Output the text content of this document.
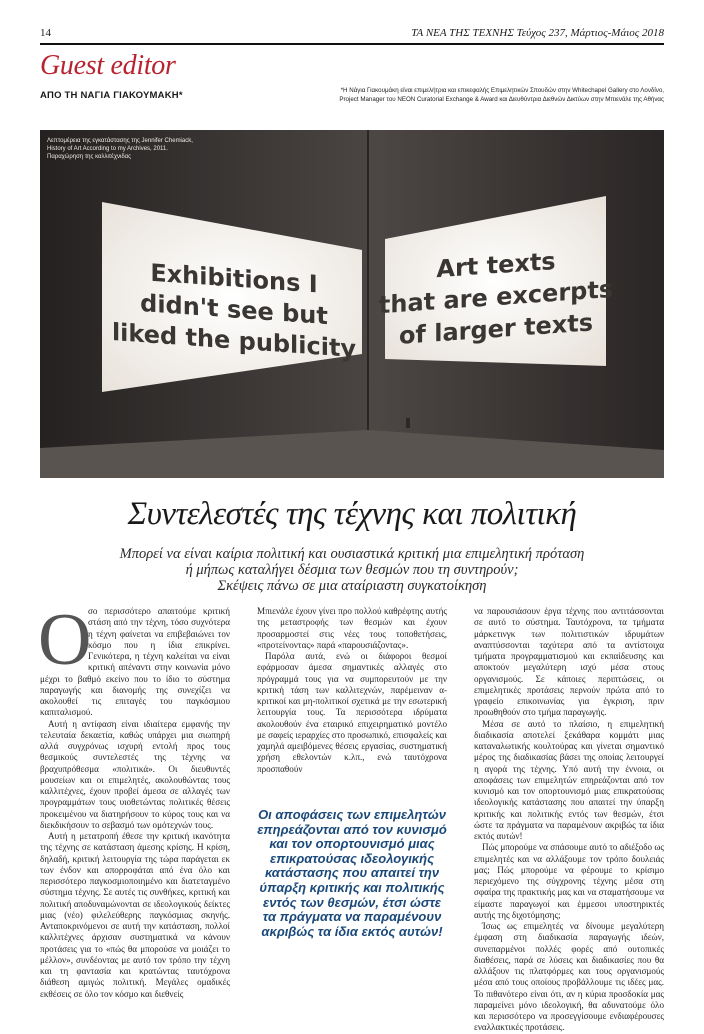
14	ΤΑ ΝΕΑ ΤΗΣ ΤΕΧΝΗΣ Τεύχος 237, Μάρτιος-Μάιος 2018
Guest editor
ΑΠΟ ΤΗ ΝΑΓΙΑ ΓΙΑΚΟΥΜΑΚΗ*	*Η Νάγια Γιακουμάκη είναι επιμελήτρια και επικεφαλής Επιμελητικών Σπουδών στην Whitechapel Gallery στο Λονδίνο,
Project Manager του NEON Curatorial Exchange & Award και Διευθύντρια Διεθνών Δικτύων στην Μπιενάλε της Αθήνας
Exhibitions I
didn't see but
liked the publicity
Art texts
that are excerpts
of larger texts
Λεπτομέρεια της εγκατάστασης της Jennifer Chemiack,
History of Art According to my Archives, 2011.
Παραχώρηση της καλλιτέχνιδας
Συντελεστές της τέχνης και πολιτική
Μπορεί να είναι καίρια πολιτική και ουσιαστικά κριτική μια επιμελητική πρόταση
ή μήπως καταλήγει δέσμια των θεσμών που τη συντηρούν;
Σκέψεις πάνω σε μια αταίριαστη συγκατοίκηση
Ο

σο περισσότερο απαιτούμε κριτική στάση από την τέχνη, τόσο συχνότερα η τέχνη φαίνεται να επιβεβαιώνει τον κόσμο που η ίδια επικρίνει. Γενικότερα, η τέχνη καλείται να είναι κριτική απέναντι στην κοινωνία μόνο μέχρι το βαθμό εκείνο που το ίδιο το σύστημα παραγωγής και διανομής της συνεχίζει να ακολουθεί τις επιταγές του παγκόσμιου καπιταλισμού.

Αυτή η αντίφαση είναι ιδιαίτερα εμφανής την τελευταία δεκαετία, καθώς υπάρχει μια σιωπηρή αλλά συγχρόνως ισχυρή εντολή προς τους θεσμικούς συντελεστές της τέχνης να βραχυπρόθεσμα «πολιτικά». Οι διευθυντές μουσείων και οι επιμελητές, ακολουθώντας τους καλλιτέχνες, έχουν προβεί άμεσα σε αλλαγές των προγραμμάτων τους υιοθετώντας πολιτικές θέσεις προκειμένου να διατηρήσουν το κύρος τους και να διεκδικήσουν το σεβασμό των ομότεχνών τους.

Αυτή η μετατροπή έθεσε την κριτική ικανότητα της τέχνης σε κατάσταση άμεσης κρίσης. Η κρίση, δηλαδή, κριτική λειτουργία της τώρα παράγεται εκ των ένδον και απορροφάται από ένα όλο και περισσότερο παγκοσμιοποιημένο και διατεταγμένο σύστημα τέχνης. Σε αυτές τις συνθήκες, κριτική και πολιτική αποδυναμώνονται σε ιδεολογικούς δείκτες μιας (νέο) φιλελεύθερης παγκόσμιας σκηνής. Ανταποκρινόμενοι σε αυτή την κατάσταση, πολλοί καλλιτέχνες άρχισαν συστηματικά να κάνουν προτάσεις για το «πώς θα μπορούσε να μοιάζει το μέλλον», συνδέοντας με αυτό τον τρόπο την τέχνη και τη φαντασία και κρατώντας ταυτόχρονα διάθεση αμιγώς πολιτική. Μεγάλες ομαδικές εκθέσεις σε όλο τον κόσμο και διεθνείς

Μπιενάλε έχουν γίνει πρo πολλού καθρέφτης αυτής της μεταστροφής των θεσμών και έχουν προσαρμοστεί στις νέες τους τοποθετήσεις, «προτείνοντας» παρά «παρουσιάζοντας».

Παρόλα αυτά, ενώ οι διάφοροι θεσμοί εφάρμοσαν άμεσα σημαντικές αλλαγές στο πρόγραμμά τους για να συμπορευτούν με την κριτική τάση των καλλιτεχνών, παρέμειναν α-κριτικοί και μη-πολιτικοί σχετικά με την εσωτερική λειτουργία τους. Τα περισσότερα ιδρύματα ακολουθούν ένα εταιρικό επιχειρηματικό μοντέλο με σαφείς ιεραρχίες στο προσωπικό, επισφαλείς και χαμηλά αμειβόμενες θέσεις εργασίας, συστηματική χρήση εθελοντών κ.λπ., ενώ ταυτόχρονα προσπαθούν

Οι αποφάσεις των επιμελητών επηρεάζονται από τον κυνισμό και τον οπορτουνισμό μιας επικρατούσας ιδεολογικής κατάστασης που απαιτεί την ύπαρξη κριτικής και πολιτικής εντός των θεσμών, έτσι ώστε τα πράγματα να παραμένουν ακριβώς τα ίδια εκτός αυτών!

να παρουσιάσουν έργα τέχνης που αντιτάσσονται σε αυτό το σύστημα. Ταυτόχρονα, τα τμήματα μάρκετινγκ των πολιτιστικών ιδρυμάτων αναπτύσσονται ταχύτερα από τα αντίστοιχα τμήματα προγραμματισμού και εκπαίδευσης και αποκτούν μεγαλύτερη ισχύ μέσα στους οργανισμούς. Σε κάποιες περιπτώσεις, οι επιμελητικές προτάσεις περνούν πρώτα από το γραφείο επικοινωνίας για έγκριση, πριν προωθηθούν στο τμήμα παραγωγής.

Μέσα σε αυτό το πλαίσιο, η επιμελητική διαδικασία αποτελεί ξεκάθαρα κομμάτι μιας καταναλωτικής κουλτούρας και γίνεται σημαντικό μέρος της διαδικασίας βάσει της οποίας λειτουργεί η αγορά της τέχνης. Υπό αυτή την έννοια, οι αποφάσεις των επιμελητών επηρεάζονται από τον κυνισμό και τον οπορτουνισμό μιας επικρατούσας ιδεολογικής κατάστασης που απαιτεί την ύπαρξη κριτικής και πολιτικής εντός των θεσμών, έτσι ώστε τα πράγματα να παραμένουν ακριβώς τα ίδια εκτός αυτών!

Πώς μπορούμε να σπάσουμε αυτό το αδιέξοδο ως επιμελητές και να αλλάξουμε τον τρόπο δουλειάς μας; Πώς μπορούμε να φέρουμε το κρίσιμο περιεχόμενο της σύγχρονης τέχνης μέσα στη σφαίρα της πρακτικής μας και να σταματήσουμε να είμαστε παραγωγοί και έμμεσοι υποστηρικτές αυτής της διχοτόμησης;

Ίσως ως επιμελητές να δίνουμε μεγαλύτερη έμφαση στη διαδικασία παραγωγής ιδεών, συνεπαρμένοι πολλές φορές από ουτοπικές διαθέσεις, παρά σε λύσεις και διαδικασίες που θα αλλάξουν τις πλατφόρμες και τους οργανισμούς μέσα από τους οποίους προβάλλουμε τις ιδέες μας. Το πιθανότερο είναι ότι, αν η κύρια προσδοκία μας παραμείνει μόνο ιδεολογική, θα αδυνατούμε όλο και περισσότερο να προσεγγίσουμε ενδιαφέρουσες εναλλακτικές προτάσεις.
